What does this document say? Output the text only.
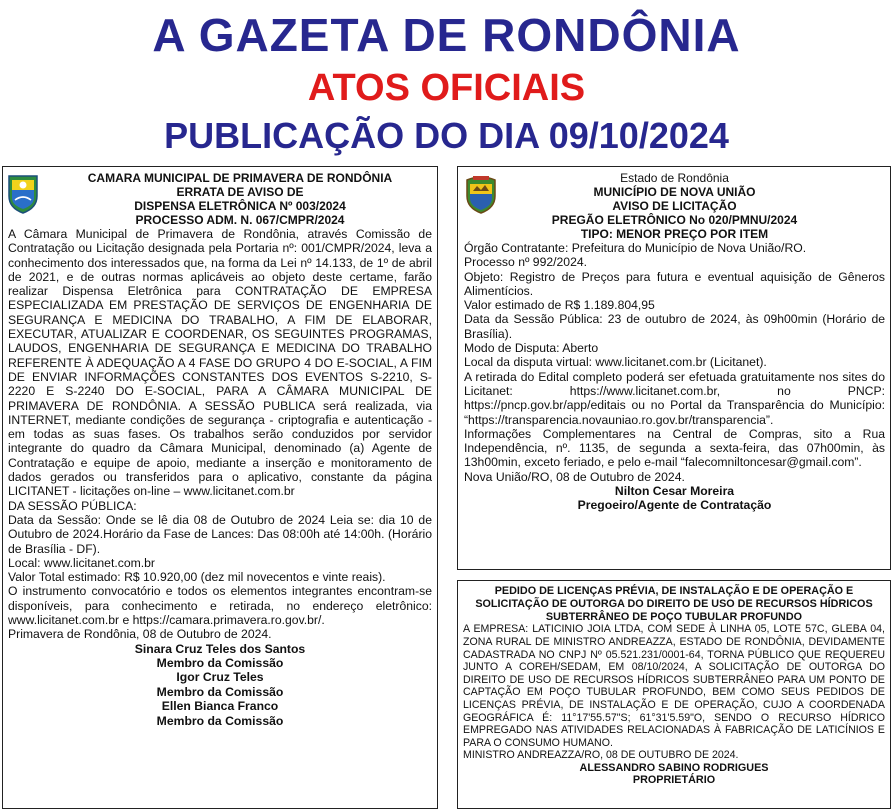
A GAZETA DE RONDÔNIA
ATOS OFICIAIS
PUBLICAÇÃO DO DIA 09/10/2024
CAMARA MUNICIPAL DE PRIMAVERA DE RONDÔNIA
ERRATA DE AVISO DE
DISPENSA ELETRÔNICA Nº 003/2024
PROCESSO ADM. N. 067/CMPR/2024

A Câmara Municipal de Primavera de Rondônia, através Comissão de Contratação ou Licitação designada pela Portaria nº: 001/CMPR/2024, leva a conhecimento dos interessados que, na forma da Lei nº 14.133, de 1º de abril de 2021, e de outras normas aplicáveis ao objeto deste certame, farão realizar Dispensa Eletrônica para CONTRATAÇÃO DE EMPRESA ESPECIALIZADA EM PRESTAÇÃO DE SERVIÇOS DE ENGENHARIA DE SEGURANÇA E MEDICINA DO TRABALHO, A FIM DE ELABORAR, EXECUTAR, ATUALIZAR E COORDENAR, OS SEGUINTES PROGRAMAS, LAUDOS, ENGENHARIA DE SEGURANÇA E MEDICINA DO TRABALHO REFERENTE À ADEQUAÇÃO A 4 FASE DO GRUPO 4 DO E-SOCIAL, A FIM DE ENVIAR INFORMAÇÕES CONSTANTES DOS EVENTOS S-2210, S-2220 E S-2240 DO E-SOCIAL, PARA A CÂMARA MUNICIPAL DE PRIMAVERA DE RONDÔNIA. A SESSÃO PUBLICA será realizada, via INTERNET, mediante condições de segurança - criptografia e autenticação - em todas as suas fases. Os trabalhos serão conduzidos por servidor integrante do quadro da Câmara Municipal, denominado (a) Agente de Contratação e equipe de apoio, mediante a inserção e monitoramento de dados gerados ou transferidos para o aplicativo, constante da página LICITANET - licitações on-line – www.licitanet.com.br

DA SESSÃO PÚBLICA:

Data da Sessão: Onde se lê dia 08 de Outubro de 2024 Leia se: dia 10 de Outubro de 2024.Horário da Fase de Lances: Das 08:00h até 14:00h. (Horário de Brasília - DF).

Local: www.licitanet.com.br

Valor Total estimado: R$ 10.920,00 (dez mil novecentos e vinte reais).

O instrumento convocatório e todos os elementos integrantes encontram-se disponíveis, para conhecimento e retirada, no endereço eletrônico: www.licitanet.com.br e https://camara.primavera.ro.gov.br/.

Primavera de Rondônia, 08 de Outubro de 2024.

Sinara Cruz Teles dos Santos
Membro da Comissão
Igor Cruz Teles
Membro da Comissão
Ellen Bianca Franco
Membro da Comissão
Estado de Rondônia
MUNICÍPIO DE NOVA UNIÃO
AVISO DE LICITAÇÃO
PREGÃO ELETRÔNICO No 020/PMNU/2024
TIPO: MENOR PREÇO POR ITEM

Órgão Contratante: Prefeitura do Município de Nova União/RO.

Processo nº 992/2024.

Objeto: Registro de Preços para futura e eventual aquisição de Gêneros Alimentícios.

Valor estimado de R$ 1.189.804,95

Data da Sessão Pública: 23 de outubro de 2024, às 09h00min (Horário de Brasília).

Modo de Disputa: Aberto

Local da disputa virtual: www.licitanet.com.br (Licitanet).

A retirada do Edital completo poderá ser efetuada gratuitamente nos sites do Licitanet: https://www.licitanet.com.br, no PNCP: https://pncp.gov.br/app/editais ou no Portal da Transparência do Município: “https://transparencia.novauniao.ro.gov.br/transparencia”.

Informações Complementares na Central de Compras, sito a Rua Independência, nº. 1135, de segunda a sexta-feira, das 07h00min, às 13h00min, exceto feriado, e pelo e-mail “falecomniltoncesar@gmail.com”.

Nova União/RO, 08 de Outubro de 2024.

Nilton Cesar Moreira
Pregoeiro/Agente de Contratação
PEDIDO DE LICENÇAS PRÉVIA, DE INSTALAÇÃO E DE OPERAÇÃO E
SOLICITAÇÃO DE OUTORGA DO DIREITO DE USO DE RECURSOS HÍDRICOS
SUBTERRÂNEO DE POÇO TUBULAR PROFUNDO
A EMPRESA: LATICINIO JOIA LTDA, COM SEDE À LINHA 05, LOTE 57C, GLEBA 04, ZONA RURAL DE MINISTRO ANDREAZZA, ESTADO DE RONDÔNIA, DEVIDAMENTE CADASTRADA NO CNPJ Nº 05.521.231/0001-64, TORNA PÚBLICO QUE REQUEREU JUNTO A COREH/SEDAM, EM 08/10/2024, A SOLICITAÇÃO DE OUTORGA DO DIREITO DE USO DE RECURSOS HÍDRICOS SUBTERRÂNEO PARA UM PONTO DE CAPTAÇÃO EM POÇO TUBULAR PROFUNDO, BEM COMO SEUS PEDIDOS DE LICENÇAS PRÉVIA, DE INSTALAÇÃO E DE OPERAÇÃO, CUJO A COORDENADA GEOGRÁFICA É: 11°17'55.57"S; 61°31'5.59"O, SENDO O RECURSO HÍDRICO EMPREGADO NAS ATIVIDADES RELACIONADAS À FABRICAÇÃO DE LATICÍNIOS E PARA O CONSUMO HUMANO.
MINISTRO ANDREAZZA/RO, 08 DE OUTUBRO DE 2024.
ALESSANDRO SABINO RODRIGUES
PROPRIETÁRIO
